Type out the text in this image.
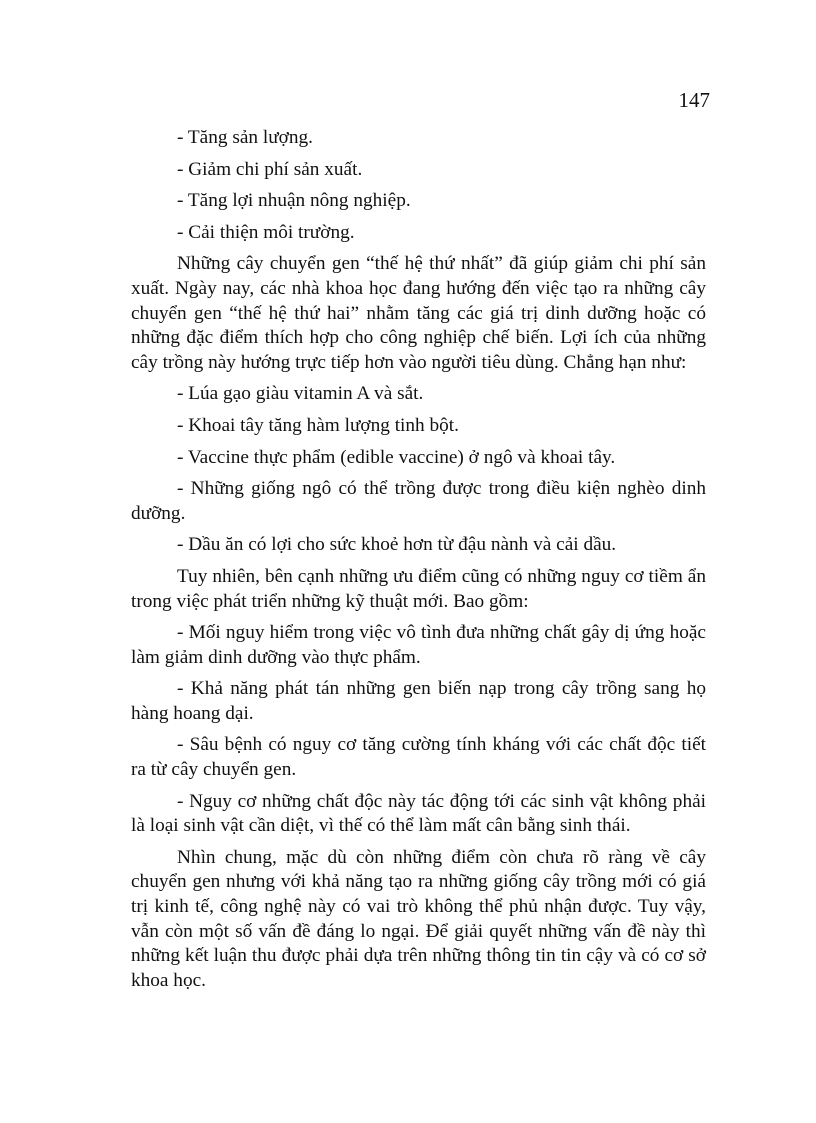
147

- Tăng sản lượng.

- Giảm chi phí sản xuất.

- Tăng lợi nhuận nông nghiệp.

- Cải thiện môi trường.

Những cây chuyển gen “thế hệ thứ nhất” đã giúp giảm chi phí sản xuất. Ngày nay, các nhà khoa học đang hướng đến việc tạo ra những cây chuyển gen “thế hệ thứ hai” nhằm tăng các giá trị dinh dưỡng hoặc có những đặc điểm thích hợp cho công nghiệp chế biến. Lợi ích của những cây trồng này hướng trực tiếp hơn vào người tiêu dùng. Chẳng hạn như:

- Lúa gạo giàu vitamin A và sắt.

- Khoai tây tăng hàm lượng tinh bột.

- Vaccine thực phẩm (edible vaccine) ở ngô và khoai tây.

- Những giống ngô có thể trồng được trong điều kiện nghèo dinh dưỡng.

- Dầu ăn có lợi cho sức khoẻ hơn từ đậu nành và cải dầu.

Tuy nhiên, bên cạnh những ưu điểm cũng có những nguy cơ tiềm ẩn trong việc phát triển những kỹ thuật mới. Bao gồm:

- Mối nguy hiểm trong việc vô tình đưa những chất gây dị ứng hoặc làm giảm dinh dưỡng vào thực phẩm.

- Khả năng phát tán những gen biến nạp trong cây trồng sang họ hàng hoang dại.

- Sâu bệnh có nguy cơ tăng cường tính kháng với các chất độc tiết ra từ cây chuyển gen.

- Nguy cơ những chất độc này tác động tới các sinh vật không phải là loại sinh vật cần diệt, vì thế có thể làm mất cân bằng sinh thái.

Nhìn chung, mặc dù còn những điểm còn chưa rõ ràng về cây chuyển gen nhưng với khả năng tạo ra những giống cây trồng mới có giá trị kinh tế, công nghệ này có vai trò không thể phủ nhận được. Tuy vậy, vẫn còn một số vấn đề đáng lo ngại. Để giải quyết những vấn đề này thì những kết luận thu được phải dựa trên những thông tin tin cậy và có cơ sở khoa học.
